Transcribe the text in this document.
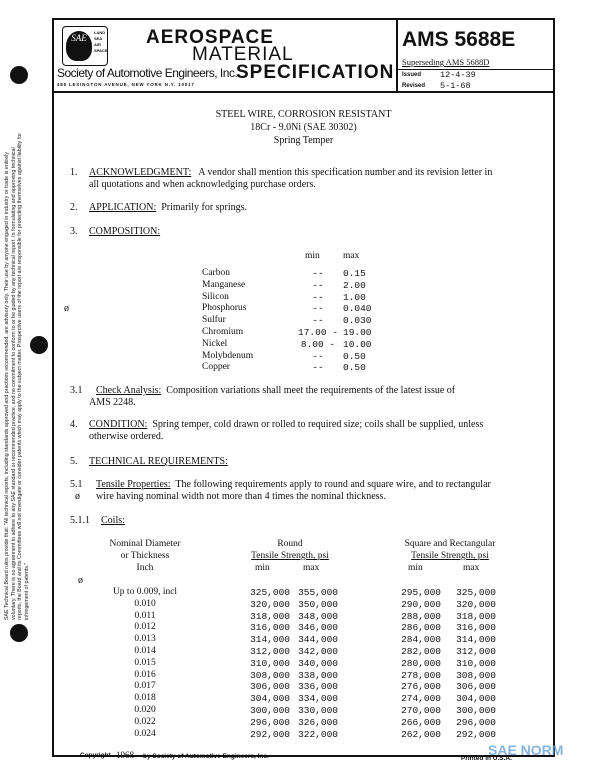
SAE
LAND
SEA
AIR
SPACE
AEROSPACE
MATERIAL
SPECIFICATION
Society of Automotive Engineers, Inc.
485 LEXINGTON AVENUE, NEW YORK N.Y. 10017
AMS 5688E
Superseding AMS 5688D
Issued 12-4-39
Revised 5-1-68
STEEL WIRE, CORROSION RESISTANT
18Cr - 9.0Ni (SAE 30302)
Spring Temper
SAE Technical Board rules provide that: "All technical reports, including standards approved and practices recommended, are advisory only. Their use by anyone engaged in industry or trade is entirely voluntary. There is no agreement to adhere to any SAE standard or recommended practice, and no commitment to conform to or be guided by any technical report. In formulating and approving technical reports, the Board and its Committees will not investigate or consider patents which may apply to the subject matter. Prospective users of the report are responsible for protecting themselves against liability for infringement of patents."
1. ACKNOWLEDGMENT: A vendor shall mention this specification number and its revision letter in
all quotations and when acknowledging purchase orders.
2. APPLICATION: Primarily for springs.
3. COMPOSITION:
ø
min max
Carbon	--	0.15
Manganese	--	2.00
Silicon	--	1.00
Phosphorus	--	0.040
Sulfur	--	0.030
Chromium	17.00 - 19.00
Nickel	8.00 - 10.00
Molybdenum	--	0.50
Copper	--	0.50
3.1 Check Analysis: Composition variations shall meet the requirements of the latest issue of

AMS 2248.
4. CONDITION: Spring temper, cold drawn or rolled to required size; coils shall be supplied, unless
otherwise ordered.
5. TECHNICAL REQUIREMENTS:
5.1 Tensile Properties: The following requirements apply to round and square wire, and to rectangular
wire having nominal width not more than 4 times the nominal thickness.
ø
5.1.1 Coils:
Nominal Diameter
or Thickness
Inch
Round
Tensile Strength, psi
Square and Rectangular
Tensile Strength, psi
min	max	min	max
ø
Up to 0.009, incl	325,000 355,000	295,000	325,000
0.010	320,000 350,000	290,000	320,000
0.011	318,000 348,000	288,000	318,000
0.012	316,000 346,000	286,000	316,000
0.013	314,000 344,000	284,000	314,000
0.014	312,000 342,000	282,000	312,000
0.015	310,000 340,000	280,000	310,000
0.016	308,000 338,000	278,000	308,000
0.017	306,000 336,000	276,000	306,000
0.018	304,000 334,000	274,000	304,000
0.020	300,000 330,000	270,000	300,000
0.022	296,000 326,000	266,000	296,000
0.024	292,000 322,000	262,000	292,000
Copyright 1968 by Society of Automotive Engineers, Inc.	Printed in U.S.A.
SAE NORM
